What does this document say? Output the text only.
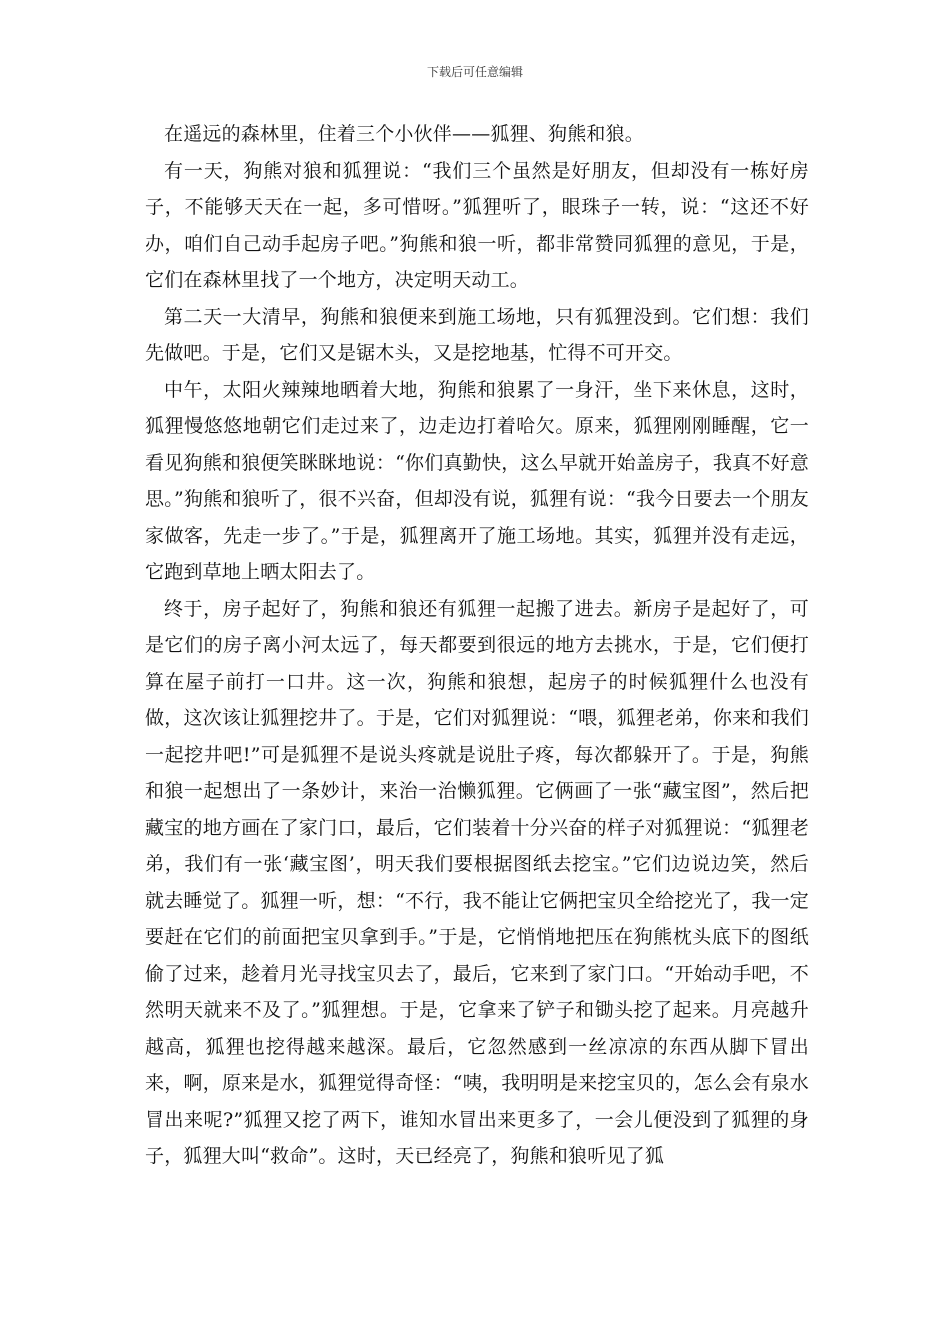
下载后可任意编辑

在遥远的森林里，住着三个小伙伴——狐狸、狗熊和狼。

有一天，狗熊对狼和狐狸说：“我们三个虽然是好朋友，但却没有一栋好房子，不能够天天在一起，多可惜呀。”狐狸听了，眼珠子一转，说：“这还不好办，咱们自己动手起房子吧。”狗熊和狼一听，都非常赞同狐狸的意见，于是，它们在森林里找了一个地方，决定明天动工。

第二天一大清早，狗熊和狼便来到施工场地，只有狐狸没到。它们想：我们先做吧。于是，它们又是锯木头，又是挖地基，忙得不可开交。

中午，太阳火辣辣地晒着大地，狗熊和狼累了一身汗，坐下来休息，这时，狐狸慢悠悠地朝它们走过来了，边走边打着哈欠。原来，狐狸刚刚睡醒，它一看见狗熊和狼便笑眯眯地说：“你们真勤快，这么早就开始盖房子，我真不好意思。”狗熊和狼听了，很不兴奋，但却没有说，狐狸有说：“我今日要去一个朋友家做客，先走一步了。”于是，狐狸离开了施工场地。其实，狐狸并没有走远，它跑到草地上晒太阳去了。

终于，房子起好了，狗熊和狼还有狐狸一起搬了进去。新房子是起好了，可是它们的房子离小河太远了，每天都要到很远的地方去挑水，于是，它们便打算在屋子前打一口井。这一次，狗熊和狼想，起房子的时候狐狸什么也没有做，这次该让狐狸挖井了。于是，它们对狐狸说：“喂，狐狸老弟，你来和我们一起挖井吧!”可是狐狸不是说头疼就是说肚子疼，每次都躲开了。于是，狗熊和狼一起想出了一条妙计，来治一治懒狐狸。它俩画了一张“藏宝图”，然后把藏宝的地方画在了家门口，最后，它们装着十分兴奋的样子对狐狸说：“狐狸老弟，我们有一张‘藏宝图’，明天我们要根据图纸去挖宝。”它们边说边笑，然后就去睡觉了。狐狸一听，想：“不行，我不能让它俩把宝贝全给挖光了，我一定要赶在它们的前面把宝贝拿到手。”于是，它悄悄地把压在狗熊枕头底下的图纸偷了过来，趁着月光寻找宝贝去了，最后，它来到了家门口。“开始动手吧，不然明天就来不及了。”狐狸想。于是，它拿来了铲子和锄头挖了起来。月亮越升越高，狐狸也挖得越来越深。最后，它忽然感到一丝凉凉的东西从脚下冒出来，啊，原来是水，狐狸觉得奇怪：“咦，我明明是来挖宝贝的，怎么会有泉水冒出来呢?”狐狸又挖了两下，谁知水冒出来更多了，一会儿便没到了狐狸的身子，狐狸大叫“救命”。这时，天已经亮了，狗熊和狼听见了狐
